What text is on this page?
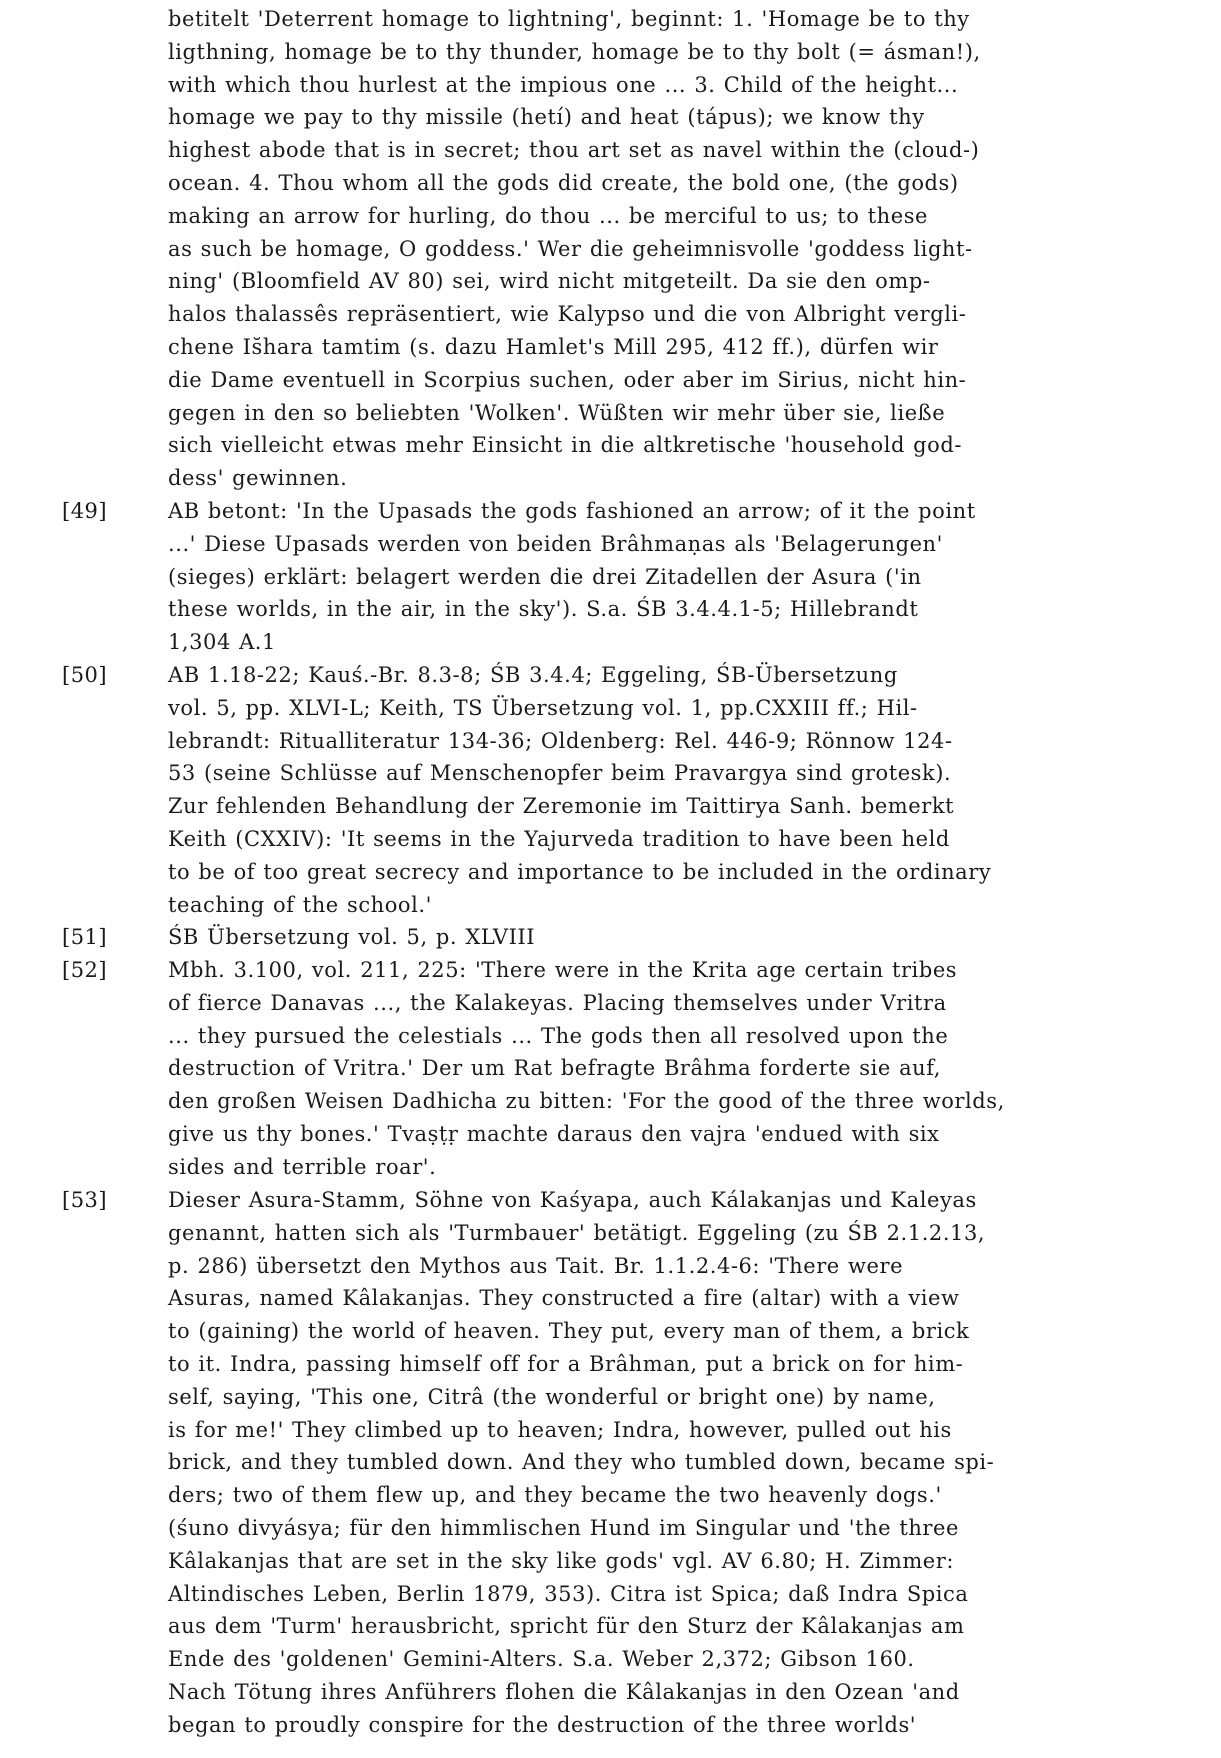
betitelt 'Deterrent homage to lightning', beginnt: 1. 'Homage be to thy
ligthning, homage be to thy thunder, homage be to thy bolt (= ásman!),
with which thou hurlest at the impious one ... 3. Child of the height...
homage we pay to thy missile (hetí) and heat (tápus); we know thy
highest abode that is in secret; thou art set as navel within the (cloud-)
ocean. 4. Thou whom all the gods did create, the bold one, (the gods)
making an arrow for hurling, do thou ... be merciful to us; to these
as such be homage, O goddess.' Wer die geheimnisvolle 'goddess light-
ning' (Bloomfield AV 80) sei, wird nicht mitgeteilt. Da sie den omp-
halos thalassês repräsentiert, wie Kalypso und die von Albright vergli-
chene Is̆hara tamtim (s. dazu Hamlet's Mill 295, 412 ff.), dürfen wir
die Dame eventuell in Scorpius suchen, oder aber im Sirius, nicht hin-
gegen in den so beliebten 'Wolken'. Wüßten wir mehr über sie, ließe
sich vielleicht etwas mehr Einsicht in die altkretische 'household god-
dess' gewinnen.
[49]	AB betont: 'In the Upasads the gods fashioned an arrow; of it the point
...' Diese Upasads werden von beiden Brâhmaṇas als 'Belagerungen'
(sieges) erklärt: belagert werden die drei Zitadellen der Asura ('in
these worlds, in the air, in the sky'). S.a. ŚB 3.4.4.1-5; Hillebrandt
1,304 A.1
[50]	AB 1.18-22; Kauś.-Br. 8.3-8; ŚB 3.4.4; Eggeling, ŚB-Übersetzung
vol. 5, pp. XLVI-L; Keith, TS Übersetzung vol. 1, pp.CXXIII ff.; Hil-
lebrandt: Ritualliteratur 134-36; Oldenberg: Rel. 446-9; Rönnow 124-
53 (seine Schlüsse auf Menschenopfer beim Pravargya sind grotesk).
Zur fehlenden Behandlung der Zeremonie im Taittirya Sanh. bemerkt
Keith (CXXIV): 'It seems in the Yajurveda tradition to have been held
to be of too great secrecy and importance to be included in the ordinary
teaching of the school.'
[51]	ŚB Übersetzung vol. 5, p. XLVIII
[52]	Mbh. 3.100, vol. 211, 225: 'There were in the Krita age certain tribes
of fierce Danavas ..., the Kalakeyas. Placing themselves under Vritra
... they pursued the celestials ... The gods then all resolved upon the
destruction of Vritra.' Der um Rat befragte Brâhma forderte sie auf,
den großen Weisen Dadhicha zu bitten: 'For the good of the three worlds,
give us thy bones.' Tvaṣṭṛ machte daraus den vajra 'endued with six
sides and terrible roar'.
[53]	Dieser Asura-Stamm, Söhne von Kaśyapa, auch Kálakanjas und Kaleyas
genannt, hatten sich als 'Turmbauer' betätigt. Eggeling (zu ŚB 2.1.2.13,
p. 286) übersetzt den Mythos aus Tait. Br. 1.1.2.4-6: 'There were
Asuras, named Kâlakanjas. They constructed a fire (altar) with a view
to (gaining) the world of heaven. They put, every man of them, a brick
to it. Indra, passing himself off for a Brâhman, put a brick on for him-
self, saying, 'This one, Citrâ (the wonderful or bright one) by name,
is for me!' They climbed up to heaven; Indra, however, pulled out his
brick, and they tumbled down. And they who tumbled down, became spi-
ders; two of them flew up, and they became the two heavenly dogs.'
(śuno divyásya; für den himmlischen Hund im Singular und 'the three
Kâlakanjas that are set in the sky like gods' vgl. AV 6.80; H. Zimmer:
Altindisches Leben, Berlin 1879, 353). Citra ist Spica; daß Indra Spica
aus dem 'Turm' herausbricht, spricht für den Sturz der Kâlakanjas am
Ende des 'goldenen' Gemini-Alters. S.a. Weber 2,372; Gibson 160.
Nach Tötung ihres Anführers flohen die Kâlakanjas in den Ozean 'and
began to proudly conspire for the destruction of the three worlds'
